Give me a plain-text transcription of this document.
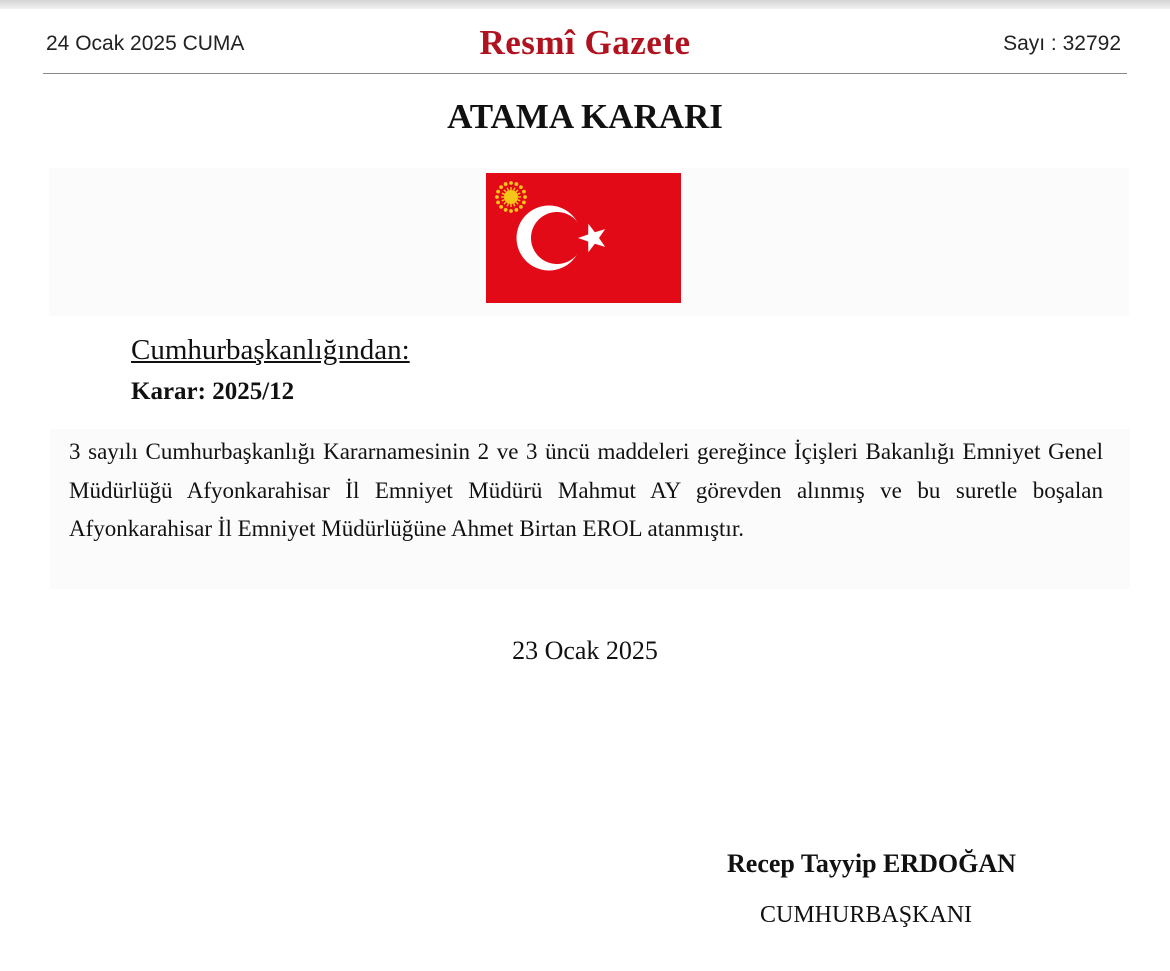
24 Ocak 2025 CUMA	Resmî Gazete	Sayı : 32792
ATAMA KARARI
Cumhurbaşkanlığından:
Karar: 2025/12
3 sayılı Cumhurbaşkanlığı Kararnamesinin 2 ve 3 üncü maddeleri gereğince İçişleri Bakanlığı Emniyet Genel Müdürlüğü Afyonkarahisar İl Emniyet Müdürü Mahmut AY görevden alınmış ve bu suretle boşalan Afyonkarahisar İl Emniyet Müdürlüğüne Ahmet Birtan EROL atanmıştır.
23 Ocak 2025
Recep Tayyip ERDOĞAN
CUMHURBAŞKANI
